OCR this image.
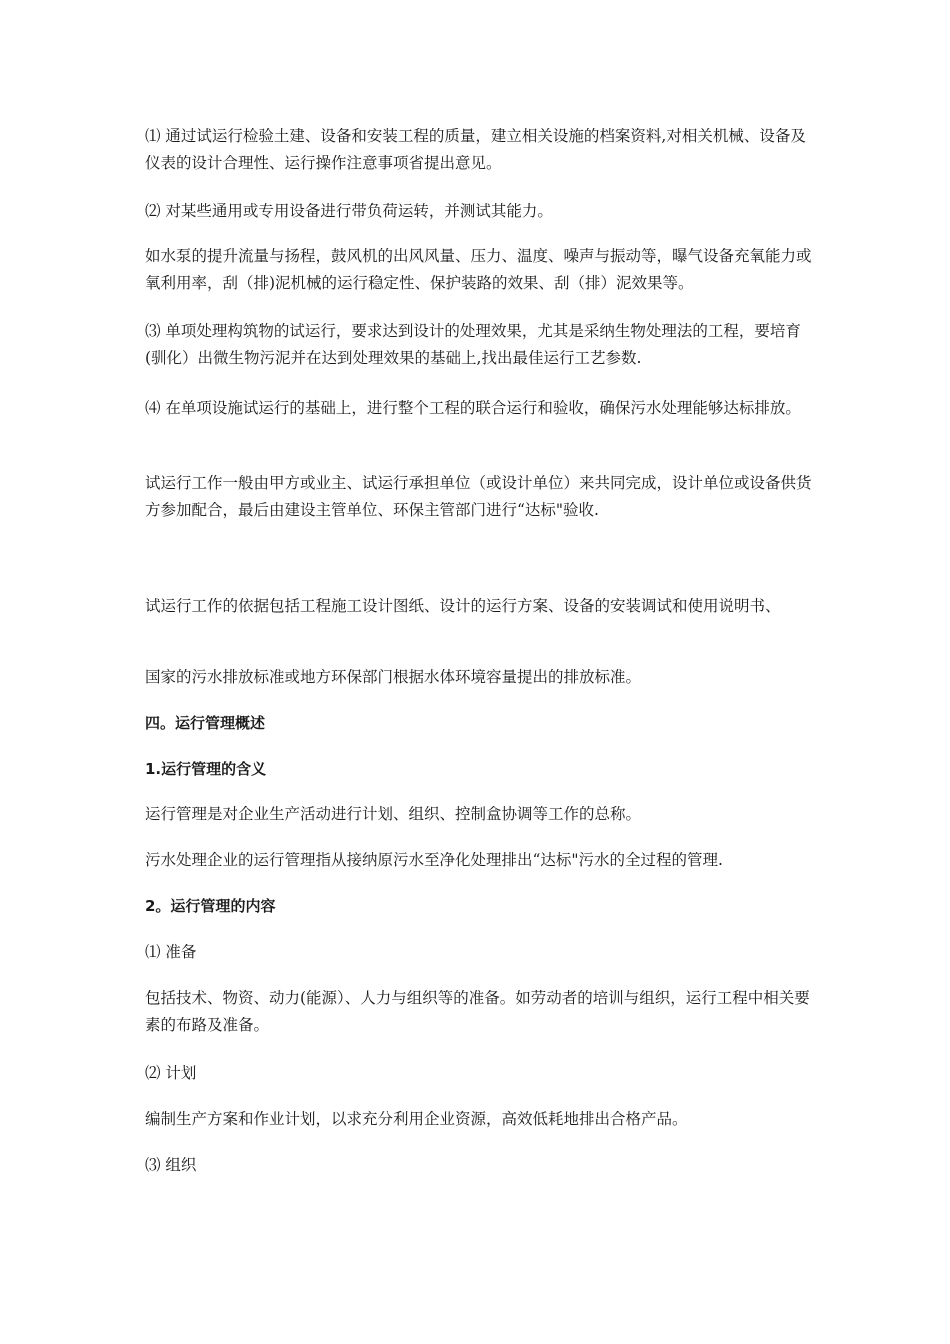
⑴ 通过试运行检验土建、设备和安装工程的质量，建立相关设施的档案资料,对相关机械、设备及仪表的设计合理性、运行操作注意事项省提出意见。

⑵ 对某些通用或专用设备进行带负荷运转，并测试其能力。

如水泵的提升流量与扬程，鼓风机的出风风量、压力、温度、噪声与振动等，曝气设备充氧能力或氧利用率，刮（排)泥机械的运行稳定性、保护装路的效果、刮（排）泥效果等。

⑶ 单项处理构筑物的试运行，要求达到设计的处理效果，尤其是采纳生物处理法的工程，要培育(驯化）出微生物污泥并在达到处理效果的基础上,找出最佳运行工艺参数.

⑷ 在单项设施试运行的基础上，进行整个工程的联合运行和验收，确保污水处理能够达标排放。

试运行工作一般由甲方或业主、试运行承担单位（或设计单位）来共同完成，设计单位或设备供货方参加配合，最后由建设主管单位、环保主管部门进行“达标"验收.

试运行工作的依据包括工程施工设计图纸、设计的运行方案、设备的安装调试和使用说明书、

国家的污水排放标准或地方环保部门根据水体环境容量提出的排放标准。

四。运行管理概述

1.运行管理的含义

运行管理是对企业生产活动进行计划、组织、控制盒协调等工作的总称。

污水处理企业的运行管理指从接纳原污水至净化处理排出“达标"污水的全过程的管理.

2。运行管理的内容

⑴ 准备

包括技术、物资、动力(能源）、人力与组织等的准备。如劳动者的培训与组织，运行工程中相关要素的布路及准备。

⑵ 计划

编制生产方案和作业计划，以求充分利用企业资源，高效低耗地排出合格产品。

⑶ 组织
